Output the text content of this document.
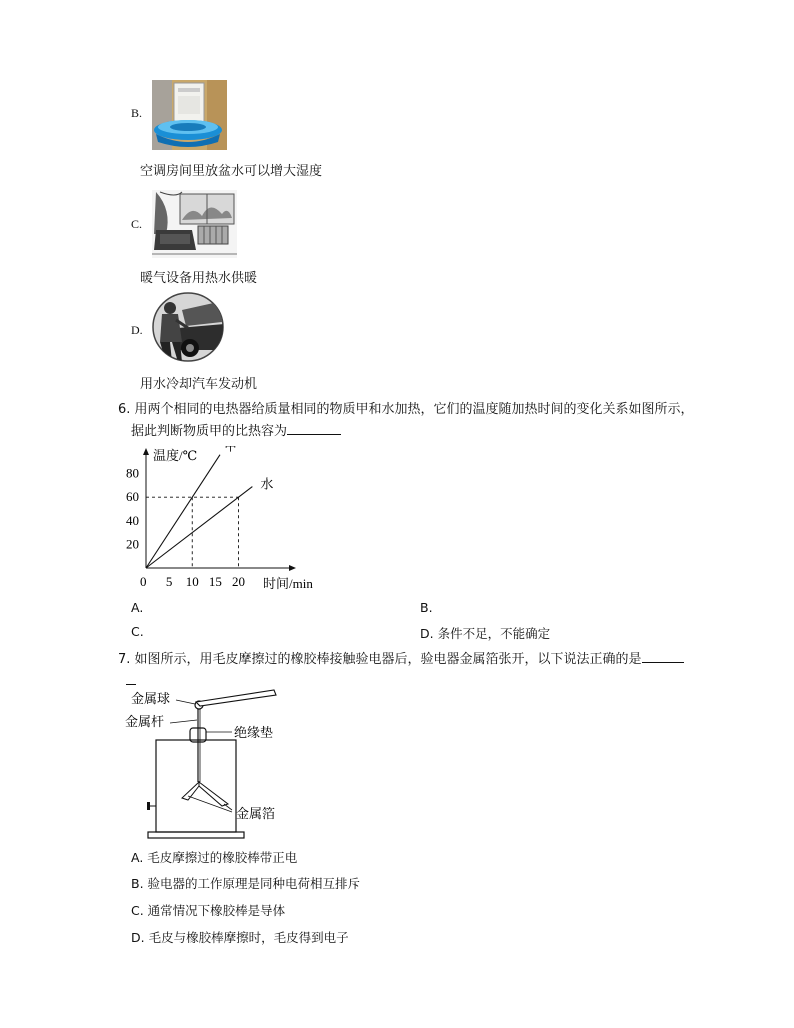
B.
空调房间里放盆水可以增大湿度
C.
暖气设备用热水供暖
D.
用水冷却汽车发动机
6. 用两个相同的电热器给质量相同的物质甲和水加热，它们的温度随加热时间的变化关系如图所示，
据此判断物质甲的比热容为
温度/℃
时间/min
0
20
40
60
80
5 10 15 20
甲
水
A.	B.
C.	D. 条件不足，不能确定
7. 如图所示，用毛皮摩擦过的橡胶棒接触验电器后，验电器金属箔张开，以下说法正确的是
金属球
金属杆
绝缘垫
金属箔
A. 毛皮摩擦过的橡胶棒带正电
B. 验电器的工作原理是同种电荷相互排斥
C. 通常情况下橡胶棒是导体
D. 毛皮与橡胶棒摩擦时，毛皮得到电子
